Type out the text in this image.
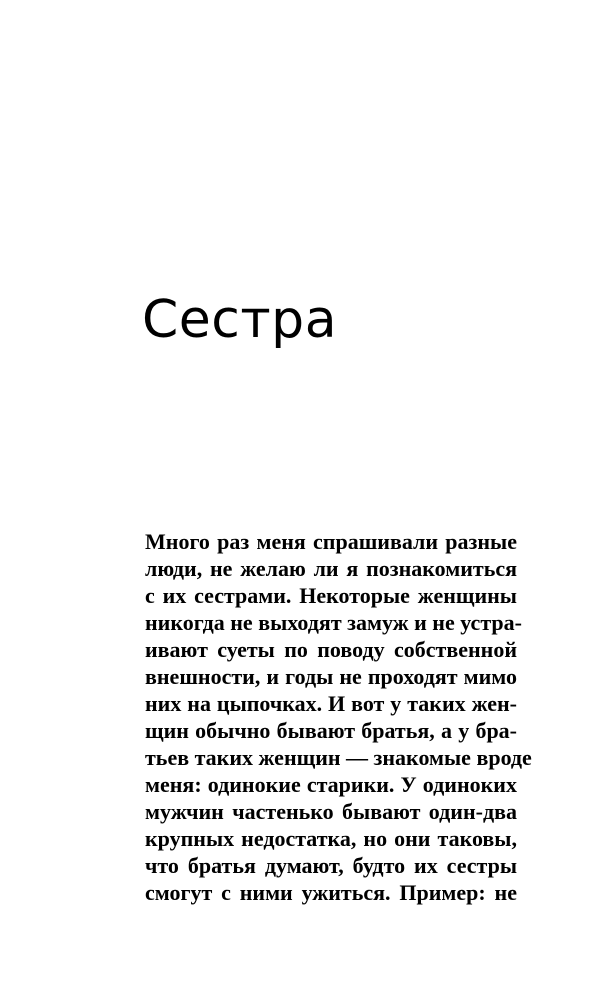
Сестра
Много раз меня спрашивали разные
люди, не желаю ли я познакомиться
с их сестрами. Некоторые женщины
никогда не выходят замуж и не устра-
ивают суеты по поводу собственной
внешности, и годы не проходят мимо
них на цыпочках. И вот у таких жен-
щин обычно бывают братья, а у бра-
тьев таких женщин — знакомые вроде
меня: одинокие старики. У одиноких
мужчин частенько бывают один-два
крупных недостатка, но они таковы,
что братья думают, будто их сестры
смогут с ними ужиться. Пример: не
